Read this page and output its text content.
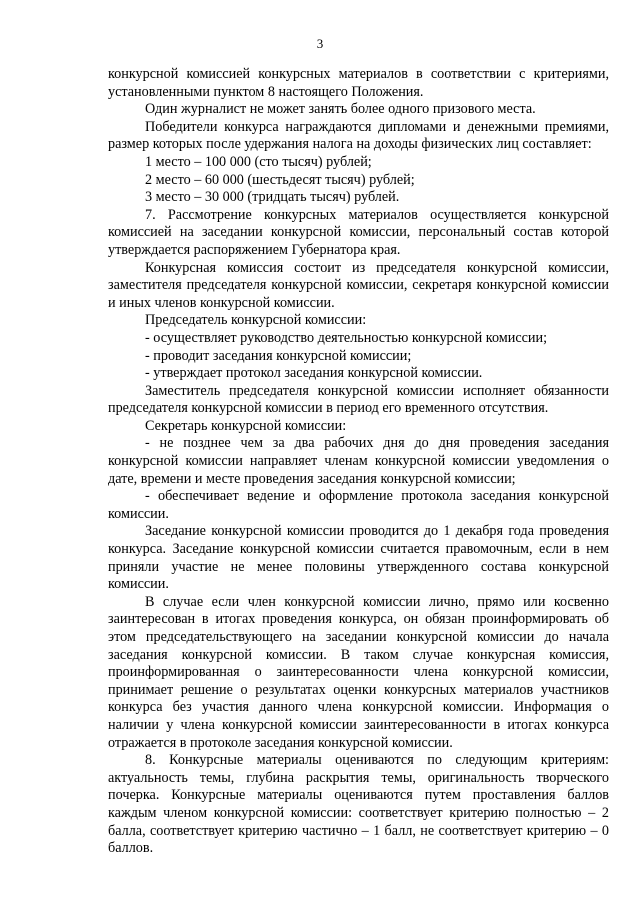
3

конкурсной комиссией конкурсных материалов в соответствии с критериями, установленными пунктом 8 настоящего Положения.

Один журналист не может занять более одного призового места.

Победители конкурса награждаются дипломами и денежными премиями, размер которых после удержания налога на доходы физических лиц составляет:

1 место – 100 000 (сто тысяч) рублей;

2 место – 60 000 (шестьдесят тысяч) рублей;

3 место – 30 000 (тридцать тысяч) рублей.

7. Рассмотрение конкурсных материалов осуществляется конкурсной комиссией на заседании конкурсной комиссии, персональный состав которой утверждается распоряжением Губернатора края.

Конкурсная комиссия состоит из председателя конкурсной комиссии, заместителя председателя конкурсной комиссии, секретаря конкурсной комиссии и иных членов конкурсной комиссии.

Председатель конкурсной комиссии:

- осуществляет руководство деятельностью конкурсной комиссии;

- проводит заседания конкурсной комиссии;

- утверждает протокол заседания конкурсной комиссии.

Заместитель председателя конкурсной комиссии исполняет обязанности председателя конкурсной комиссии в период его временного отсутствия.

Секретарь конкурсной комиссии:

- не позднее чем за два рабочих дня до дня проведения заседания конкурсной комиссии направляет членам конкурсной комиссии уведомления о дате, времени и месте проведения заседания конкурсной комиссии;

- обеспечивает ведение и оформление протокола заседания конкурсной комиссии.

Заседание конкурсной комиссии проводится до 1 декабря года проведения конкурса. Заседание конкурсной комиссии считается правомочным, если в нем приняли участие не менее половины утвержденного состава конкурсной комиссии.

В случае если член конкурсной комиссии лично, прямо или косвенно заинтересован в итогах проведения конкурса, он обязан проинформировать об этом председательствующего на заседании конкурсной комиссии до начала заседания конкурсной комиссии. В таком случае конкурсная комиссия, проинформированная о заинтересованности члена конкурсной комиссии, принимает решение о результатах оценки конкурсных материалов участников конкурса без участия данного члена конкурсной комиссии. Информация о наличии у члена конкурсной комиссии заинтересованности в итогах конкурса отражается в протоколе заседания конкурсной комиссии.

8. Конкурсные материалы оцениваются по следующим критериям: актуальность темы, глубина раскрытия темы, оригинальность творческого почерка. Конкурсные материалы оцениваются путем проставления баллов каждым членом конкурсной комиссии: соответствует критерию полностью – 2 балла, соответствует критерию частично – 1 балл, не соответствует критерию – 0 баллов.
